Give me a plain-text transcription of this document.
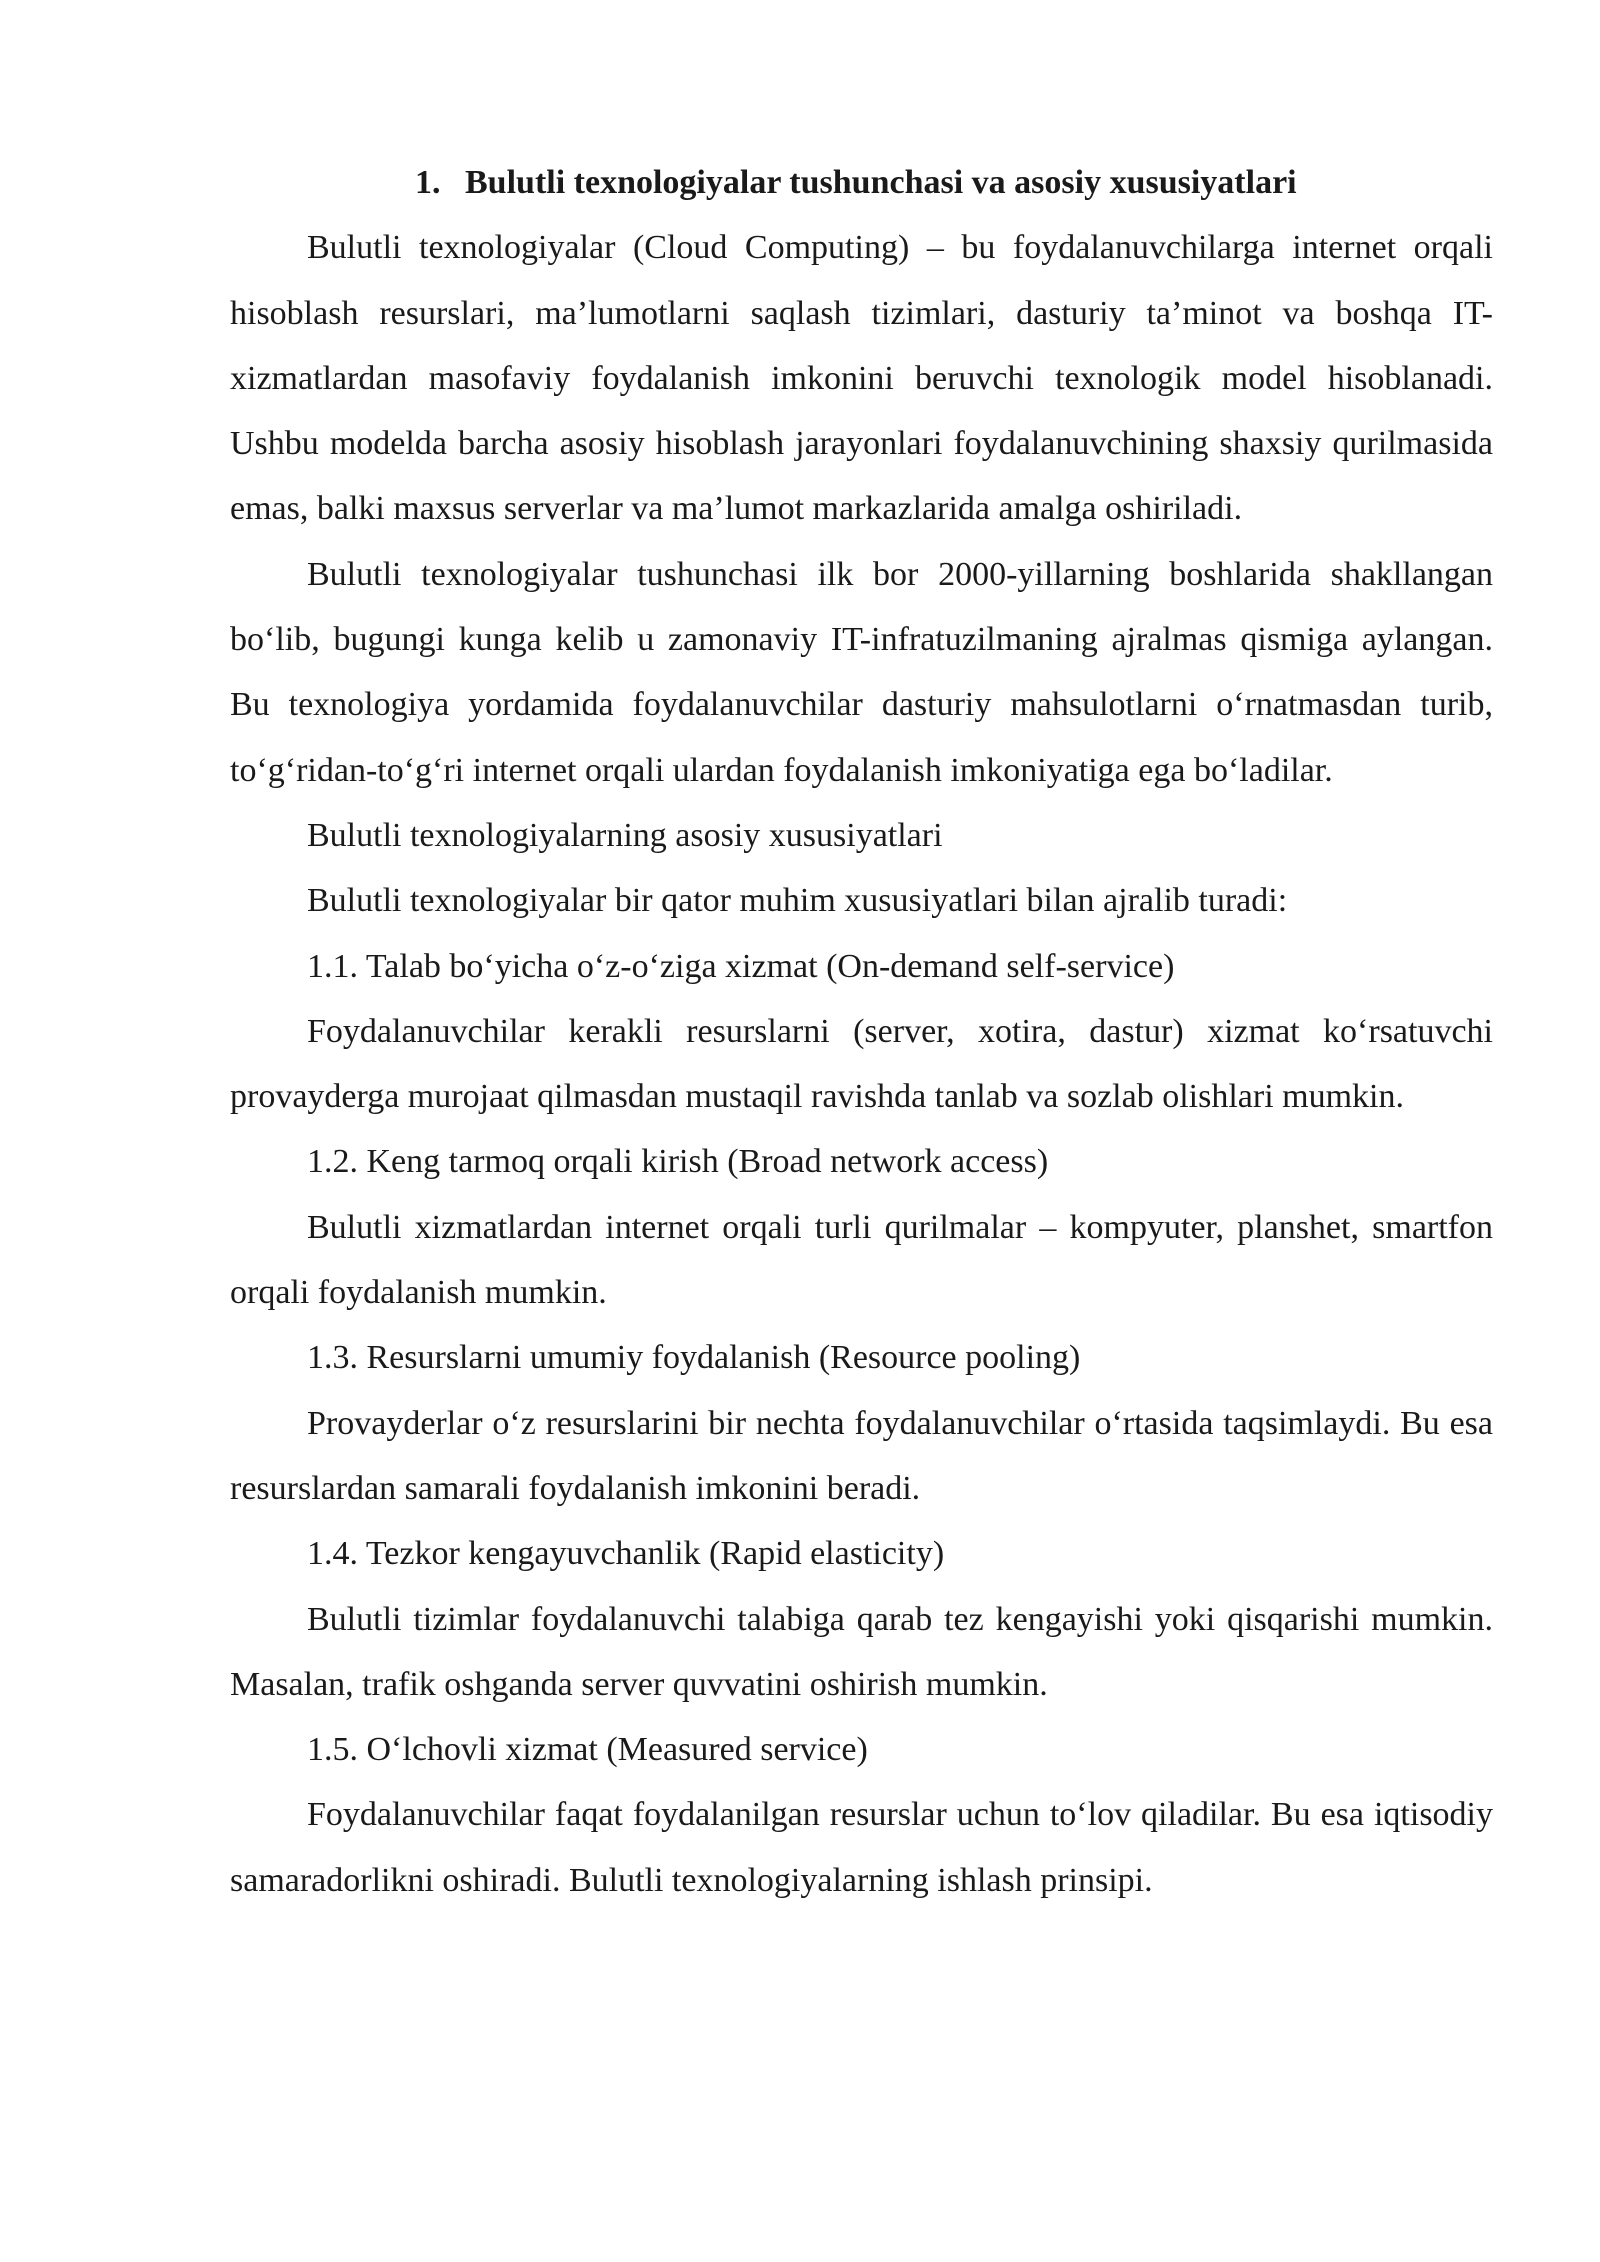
1. Bulutli texnologiyalar tushunchasi va asosiy xususiyatlari

Bulutli texnologiyalar (Cloud Computing) – bu foydalanuvchilarga internet orqali hisoblash resurslari, ma’lumotlarni saqlash tizimlari, dasturiy ta’minot va boshqa IT-xizmatlardan masofaviy foydalanish imkonini beruvchi texnologik model hisoblanadi. Ushbu modelda barcha asosiy hisoblash jarayonlari foydalanuvchining shaxsiy qurilmasida emas, balki maxsus serverlar va ma’lumot markazlarida amalga oshiriladi.

Bulutli texnologiyalar tushunchasi ilk bor 2000-yillarning boshlarida shakllangan bo‘lib, bugungi kunga kelib u zamonaviy IT-infratuzilmaning ajralmas qismiga aylangan. Bu texnologiya yordamida foydalanuvchilar dasturiy mahsulotlarni o‘rnatmasdan turib, to‘g‘ridan-to‘g‘ri internet orqali ulardan foydalanish imkoniyatiga ega bo‘ladilar.

Bulutli texnologiyalarning asosiy xususiyatlari

Bulutli texnologiyalar bir qator muhim xususiyatlari bilan ajralib turadi:

1.1. Talab bo‘yicha o‘z-o‘ziga xizmat (On-demand self-service)

Foydalanuvchilar kerakli resurslarni (server, xotira, dastur) xizmat ko‘rsatuvchi provayderga murojaat qilmasdan mustaqil ravishda tanlab va sozlab olishlari mumkin.

1.2. Keng tarmoq orqali kirish (Broad network access)

Bulutli xizmatlardan internet orqali turli qurilmalar – kompyuter, planshet, smartfon orqali foydalanish mumkin.

1.3. Resurslarni umumiy foydalanish (Resource pooling)

Provayderlar o‘z resurslarini bir nechta foydalanuvchilar o‘rtasida taqsimlaydi. Bu esa resurslardan samarali foydalanish imkonini beradi.

1.4. Tezkor kengayuvchanlik (Rapid elasticity)

Bulutli tizimlar foydalanuvchi talabiga qarab tez kengayishi yoki qisqarishi mumkin. Masalan, trafik oshganda server quvvatini oshirish mumkin.

1.5. O‘lchovli xizmat (Measured service)

Foydalanuvchilar faqat foydalanilgan resurslar uchun to‘lov qiladilar. Bu esa iqtisodiy samaradorlikni oshiradi. Bulutli texnologiyalarning ishlash prinsipi.
